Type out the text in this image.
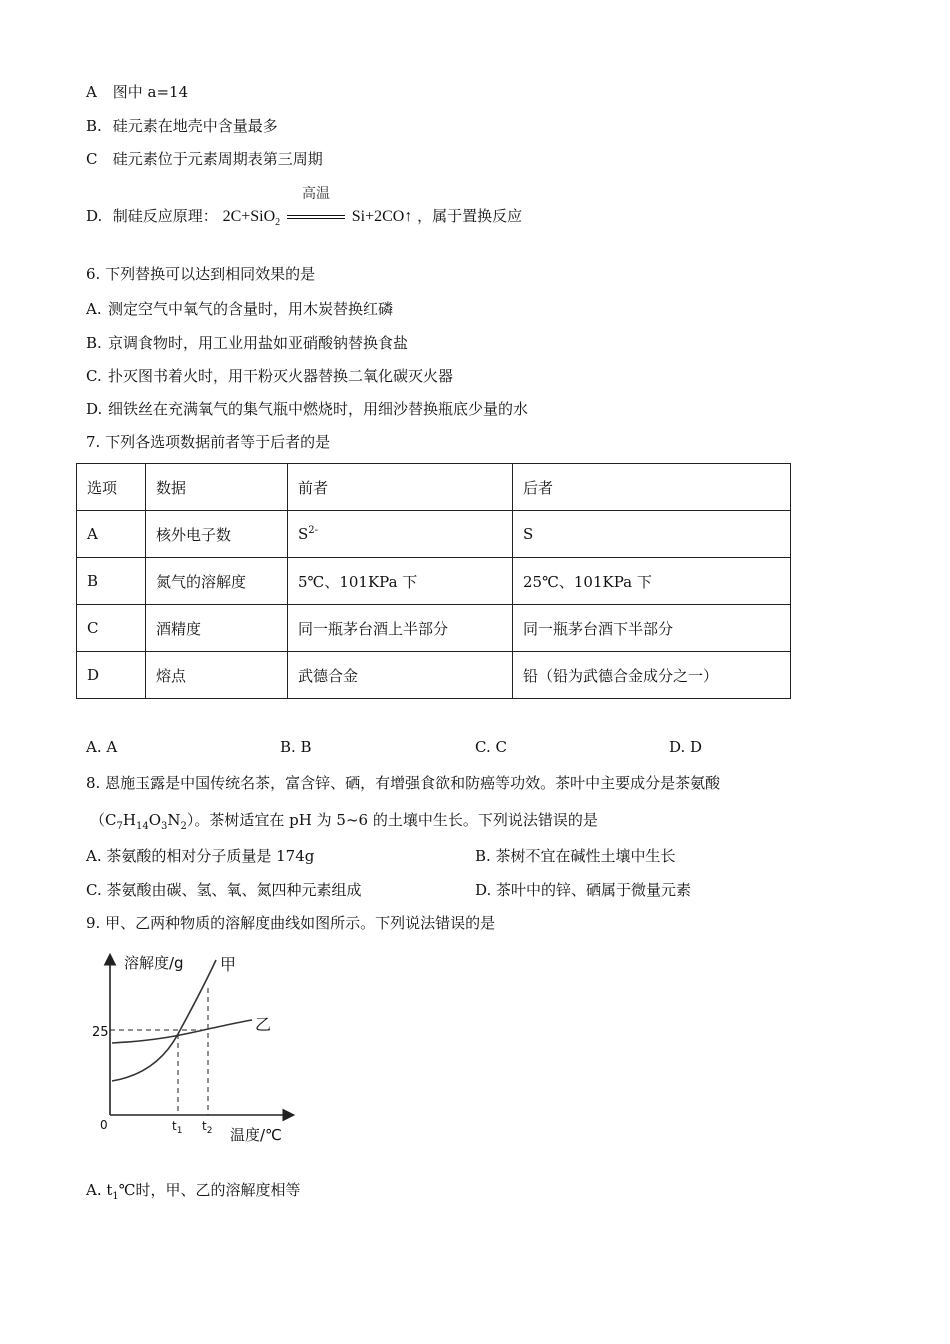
A 图中 a=14
B. 硅元素在地壳中含量最多
C 硅元素位于元素周期表第三周期
D. 制硅反应原理： 2C+SiO$_2$
高温
Si+2CO↑ ，属于置换反应
6. 下列替换可以达到相同效果的是
A. 测定空气中氧气的含量时，用木炭替换红磷
B. 京调食物时，用工业用盐如亚硝酸钠替换食盐
C. 扑灭图书着火时，用干粉灭火器替换二氧化碳灭火器
D. 细铁丝在充满氧气的集气瓶中燃烧时，用细沙替换瓶底少量的水
7. 下列各选项数据前者等于后者的是
选项	数据	前者	后者
A	核外电子数	$S^{2-}$	S
B	氮气的溶解度	5℃、101KPa 下	25℃、101KPa 下
C	酒精度	同一瓶茅台酒上半部分	同一瓶茅台酒下半部分
D	熔点	武德合金	铅（铅为武德合金成分之一）
A. A	B. B	C. C	D. D
8. 恩施玉露是中国传统名茶，富含锌、硒，有增强食欲和防癌等功效。茶叶中主要成分是茶氨酸
$(C_7H_{14}O_3N_2)$。茶树适宜在 pH 为 5~6 的土壤中生长。下列说法错误的是
A. 茶氨酸的相对分子质量是 174g	B. 茶树不宜在碱性土壤中生长
C. 茶氨酸由碳、氢、氧、氮四种元素组成	D. 茶叶中的锌、硒属于微量元素
9. 甲、乙两种物质的溶解度曲线如图所示。下列说法错误的是
溶解度/g 甲
乙
25
0	$t_1$ $t_2$ 温度/℃
A. $t_1℃$时，甲、乙的溶解度相等
